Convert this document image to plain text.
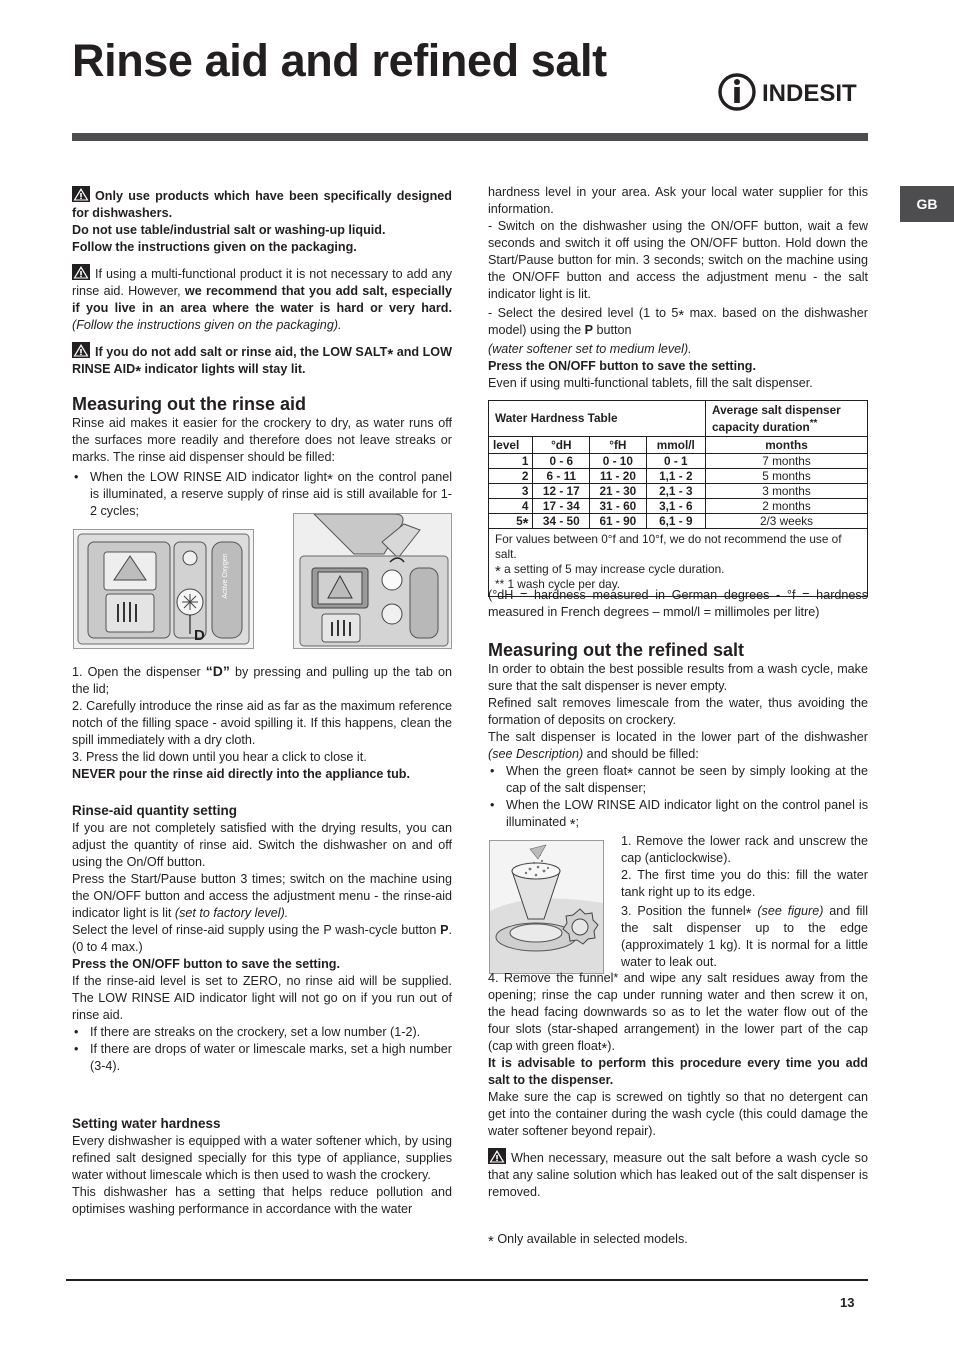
Rinse aid and refined salt
INDESIT
GB

Only use products which have been specifically designed for dishwashers.
Do not use table/industrial salt or washing-up liquid.
Follow the instructions given on the packaging.

If using a multi-functional product it is not necessary to add any rinse aid. However, we recommend that you add salt, especially if you live in an area where the water is hard or very hard. (Follow the instructions given on the packaging).

If you do not add salt or rinse aid, the LOW SALT* and LOW RINSE AID* indicator lights will stay lit.

Measuring out the rinse aid

Rinse aid makes it easier for the crockery to dry, as water runs off the surfaces more readily and therefore does not leave streaks or marks. The rinse aid dispenser should be filled:

• When the LOW RINSE AID indicator light* on the control panel is illuminated, a reserve supply of rinse aid is still available for 1-2 cycles;
Active Oxygen
D

1. Open the dispenser “D” by pressing and pulling up the tab on the lid;

2. Carefully introduce the rinse aid as far as the maximum reference notch of the filling space - avoid spilling it. If this happens, clean the spill immediately with a dry cloth.

3. Press the lid down until you hear a click to close it.

NEVER pour the rinse aid directly into the appliance tub.

Rinse-aid quantity setting

If you are not completely satisfied with the drying results, you can adjust the quantity of rinse aid. Switch the dishwasher on and off using the On/Off button.

Press the Start/Pause button 3 times; switch on the machine using the ON/OFF button and access the adjustment menu - the rinse-aid indicator light is lit (set to factory level).

Select the level of rinse-aid supply using the P wash-cycle button P. (0 to 4 max.)

Press the ON/OFF button to save the setting.

If the rinse-aid level is set to ZERO, no rinse aid will be supplied. The LOW RINSE AID indicator light will not go on if you run out of rinse aid.

• If there are streaks on the crockery, set a low number (1-2).
• If there are drops of water or limescale marks, set a high number (3-4).
Setting water hardness

Every dishwasher is equipped with a water softener which, by using refined salt designed specially for this type of appliance, supplies water without limescale which is then used to wash the crockery.

This dishwasher has a setting that helps reduce pollution and optimises washing performance in accordance with the water

hardness level in your area. Ask your local water supplier for this information.

- Switch on the dishwasher using the ON/OFF button, wait a few seconds and switch it off using the ON/OFF button. Hold down the Start/Pause button for min. 3 seconds; switch on the machine using the ON/OFF button and access the adjustment menu - the salt indicator light is lit.

- Select the desired level (1 to 5* max. based on the dishwasher model) using the P button

(water softener set to medium level).

Press the ON/OFF button to save the setting.

Even if using multi-functional tablets, fill the salt dispenser.

Water Hardness Table				Average salt dispenser capacity duration**
level	°dH	°fH	mmol/l	months
1	0 - 6	0 - 10	0 - 1	7 months
2	6 - 11	11 - 20	1,1 - 2	5 months
3	12 - 17	21 - 30	2,1 - 3	3 months
4	17 - 34	31 - 60	3,1 - 6	2 months
5*	34 - 50	61 - 90	6,1 - 9	2/3 weeks

For values between 0°f and 10°f, we do not recommend the use of salt.
* a setting of 5 may increase cycle duration.
** 1 wash cycle per day.				

(°dH = hardness measured in German degrees - °f = hardness measured in French degrees – mmol/l = millimoles per litre)

Measuring out the refined salt

In order to obtain the best possible results from a wash cycle, make sure that the salt dispenser is never empty.

Refined salt removes limescale from the water, thus avoiding the formation of deposits on crockery.

The salt dispenser is located in the lower part of the dishwasher (see Description) and should be filled:

• When the green float* cannot be seen by simply looking at the cap of the salt dispenser;
• When the LOW RINSE AID indicator light on the control panel is illuminated *;

1. Remove the lower rack and unscrew the cap (anticlockwise).

2. The first time you do this: fill the water tank right up to its edge.

3. Position the funnel* (see figure) and fill the salt dispenser up to the edge (approximately 1 kg). It is normal for a little water to leak out.

4. Remove the funnel* and wipe any salt residues away from the opening; rinse the cap under running water and then screw it on, the head facing downwards so as to let the water flow out of the four slots (star-shaped arrangement) in the lower part of the cap (cap with green float*).

It is advisable to perform this procedure every time you add salt to the dispenser.

Make sure the cap is screwed on tightly so that no detergent can get into the container during the wash cycle (this could damage the water softener beyond repair).

When necessary, measure out the salt before a wash cycle so that any saline solution which has leaked out of the salt dispenser is removed.

* Only available in selected models.

13
